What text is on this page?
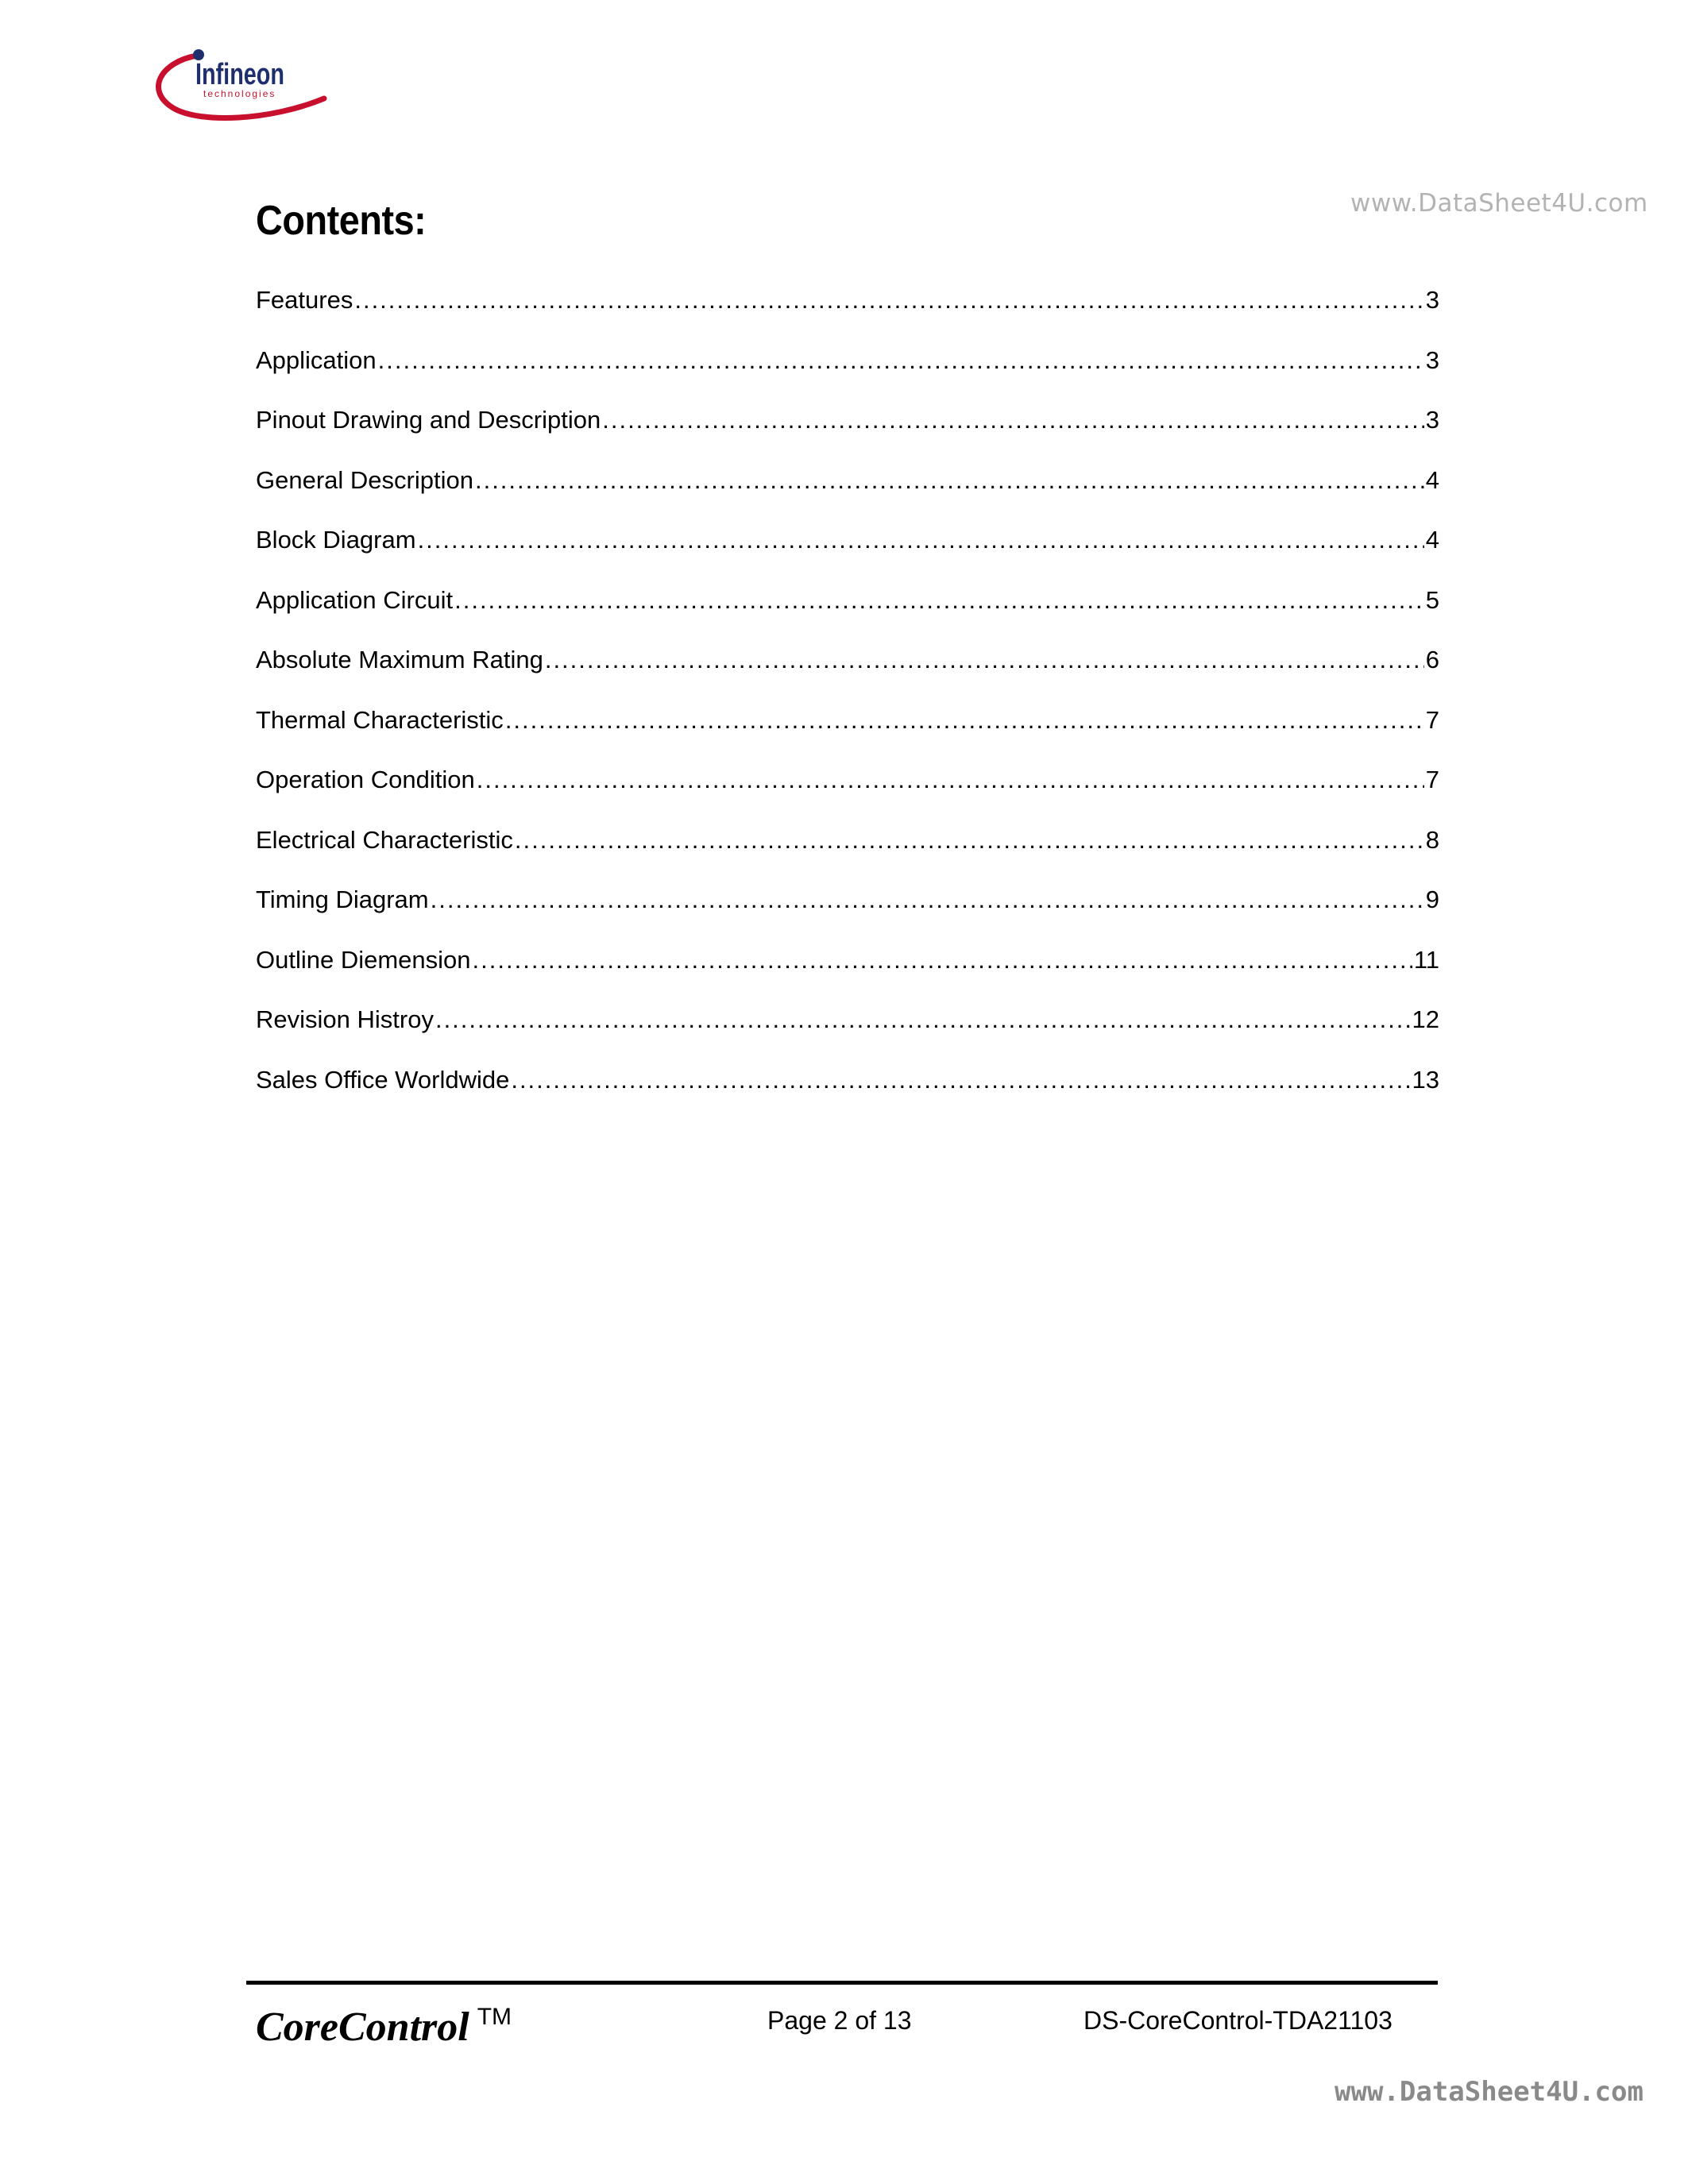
Infineon
technologies
www.DataSheet4U.com
Contents:
Features .....	3
Application .....	3
Pinout Drawing and Description .....	3
General Description .....	4
Block Diagram .....	4
Application Circuit .....	5
Absolute Maximum Rating .....	6
Thermal Characteristic .....	7
Operation Condition .....	7
Electrical Characteristic .....	8
Timing Diagram .....	9
Outline Diemension .....	11
Revision Histroy .....	12
Sales Office Worldwide .....	13
CoreControl ™	Page 2 of 13	DS-CoreControl-TDA21103
www.DataSheet4U.com
